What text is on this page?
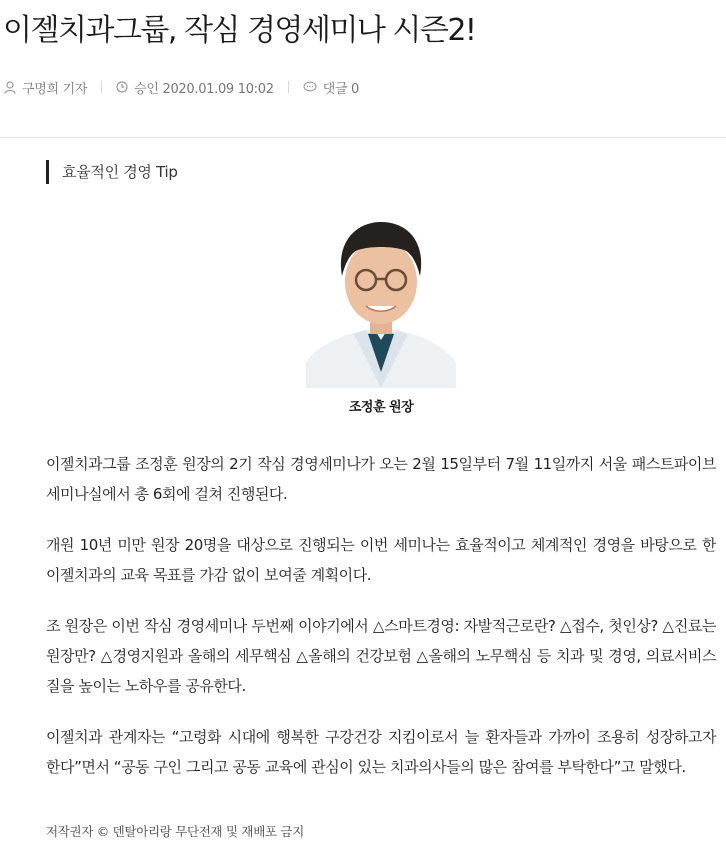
이젤치과그룹, 작심 경영세미나 시즌2!
구명희 기자	승인 2020.01.09 10:02	댓글 0
효율적인 경영 Tip
조정훈 원장

이젤치과그룹 조정훈 원장의 2기 작심 경영세미나가 오는 2월 15일부터 7월 11일까지 서울 패스트파이브 세미나실에서 총 6회에 걸쳐 진행된다.

개원 10년 미만 원장 20명을 대상으로 진행되는 이번 세미나는 효율적이고 체계적인 경영을 바탕으로 한 이젤치과의 교육 목표를 가감 없이 보여줄 계획이다.

조 원장은 이번 작심 경영세미나 두번째 이야기에서 △스마트경영: 자발적근로란? △접수, 첫인상? △진료는 원장만? △경영지원과 올해의 세무핵심 △올해의 건강보험 △올해의 노무핵심 등 치과 및 경영, 의료서비스 질을 높이는 노하우를 공유한다.

이젤치과 관계자는 “고령화 시대에 행복한 구강건강 지킴이로서 늘 환자들과 가까이 조용히 성장하고자 한다”면서 “공동 구인 그리고 공동 교육에 관심이 있는 치과의사들의 많은 참여를 부탁한다”고 말했다.

저작권자 © 덴탈아리랑 무단전재 및 재배포 금지
